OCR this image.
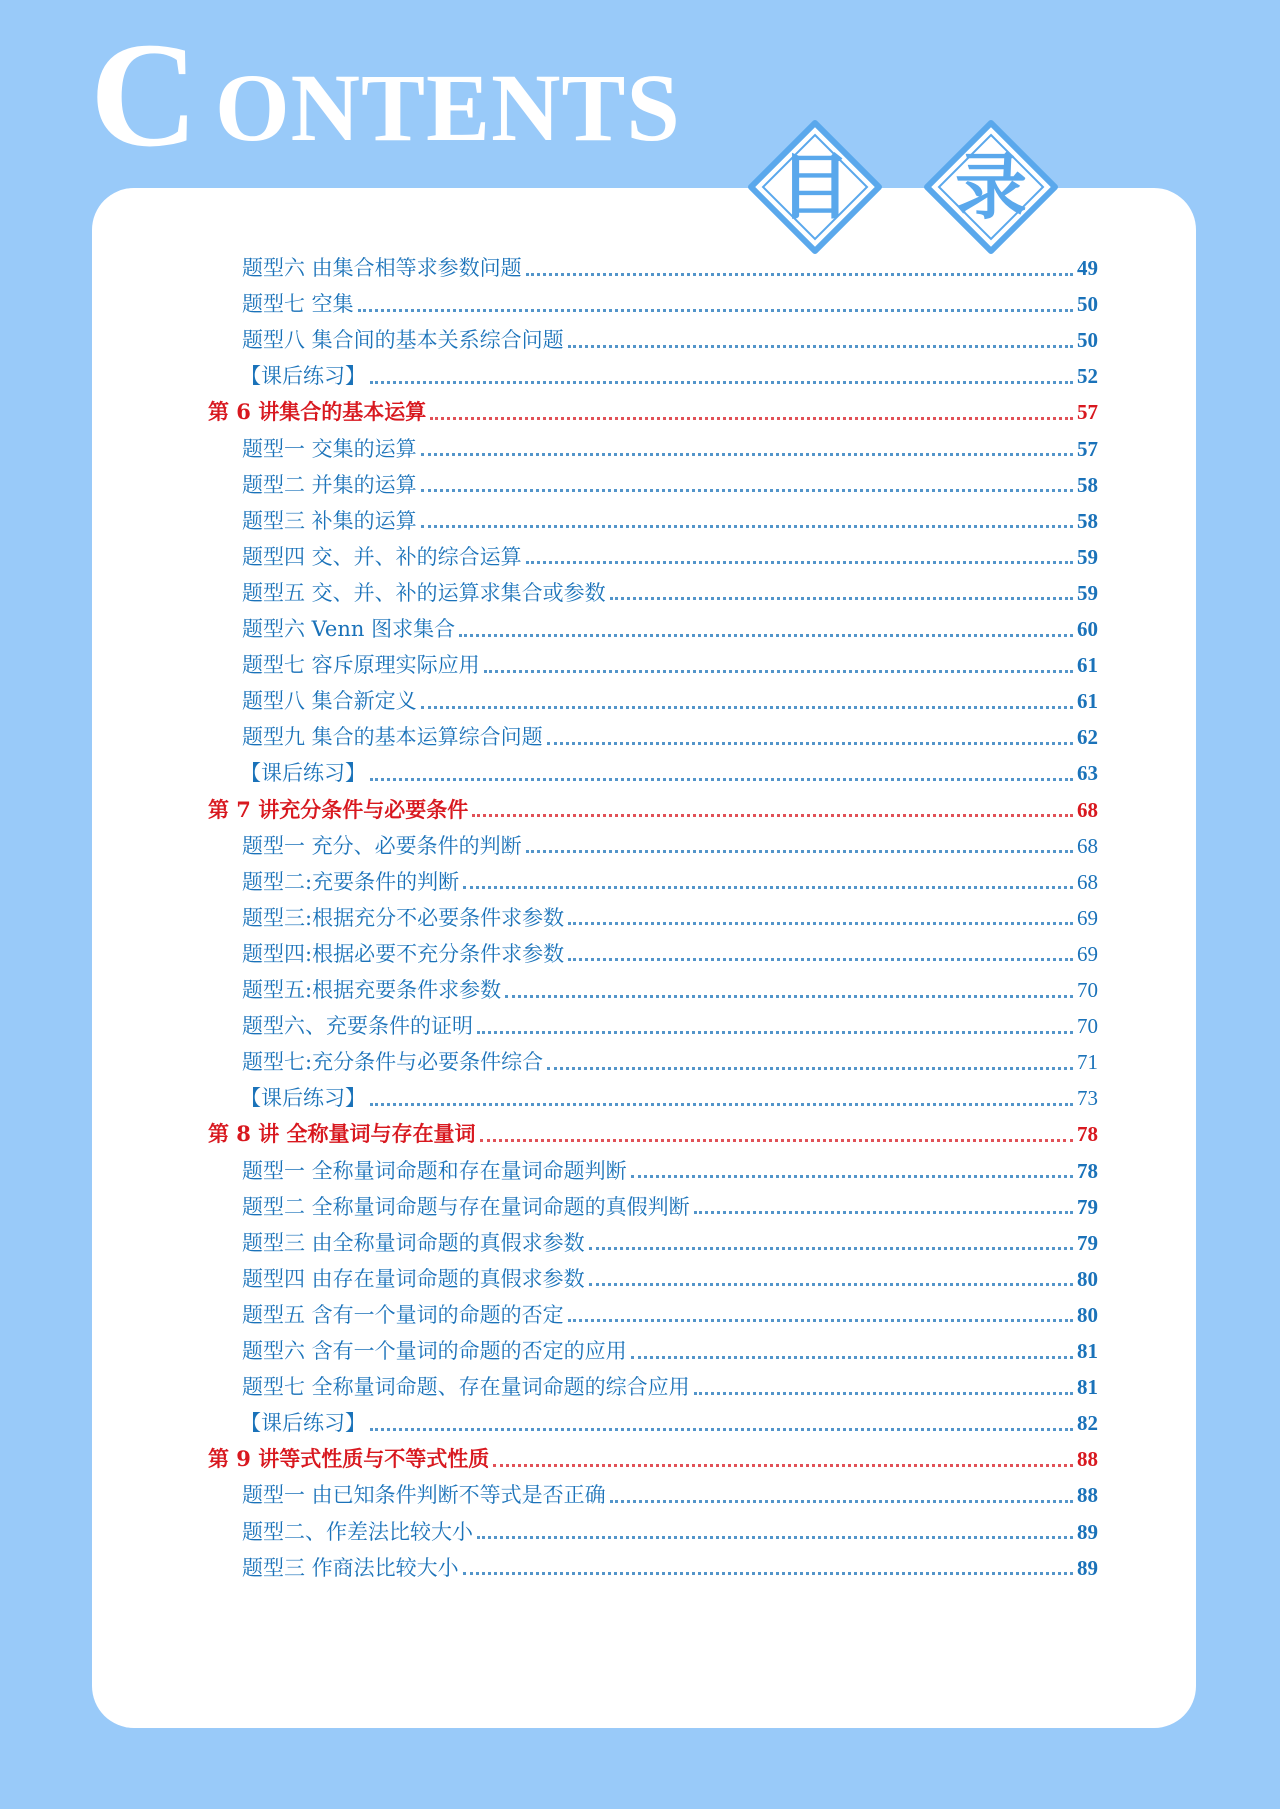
C ONTENTS
目	录
题型六 由集合相等求参数问题	49
题型七 空集	50
题型八 集合间的基本关系综合问题	50
【课后练习】	52
第 6 讲集合的基本运算	57
题型一 交集的运算	57
题型二 并集的运算	58
题型三 补集的运算	58
题型四 交、并、补的综合运算	59
题型五 交、并、补的运算求集合或参数	59
题型六 Venn 图求集合	60
题型七 容斥原理实际应用	61
题型八 集合新定义	61
题型九 集合的基本运算综合问题	62
【课后练习】	63
第 7 讲充分条件与必要条件	68
题型一 充分、必要条件的判断	68
题型二:充要条件的判断	68
题型三:根据充分不必要条件求参数	69
题型四:根据必要不充分条件求参数	69
题型五:根据充要条件求参数	70
题型六、充要条件的证明	70
题型七:充分条件与必要条件综合	71
【课后练习】	73
第 8 讲 全称量词与存在量词	78
题型一 全称量词命题和存在量词命题判断	78
题型二 全称量词命题与存在量词命题的真假判断	79
题型三 由全称量词命题的真假求参数	79
题型四 由存在量词命题的真假求参数	80
题型五 含有一个量词的命题的否定	80
题型六 含有一个量词的命题的否定的应用	81
题型七 全称量词命题、存在量词命题的综合应用	81
【课后练习】	82
第 9 讲等式性质与不等式性质	88
题型一 由已知条件判断不等式是否正确	88
题型二、作差法比较大小	89
题型三 作商法比较大小	89
